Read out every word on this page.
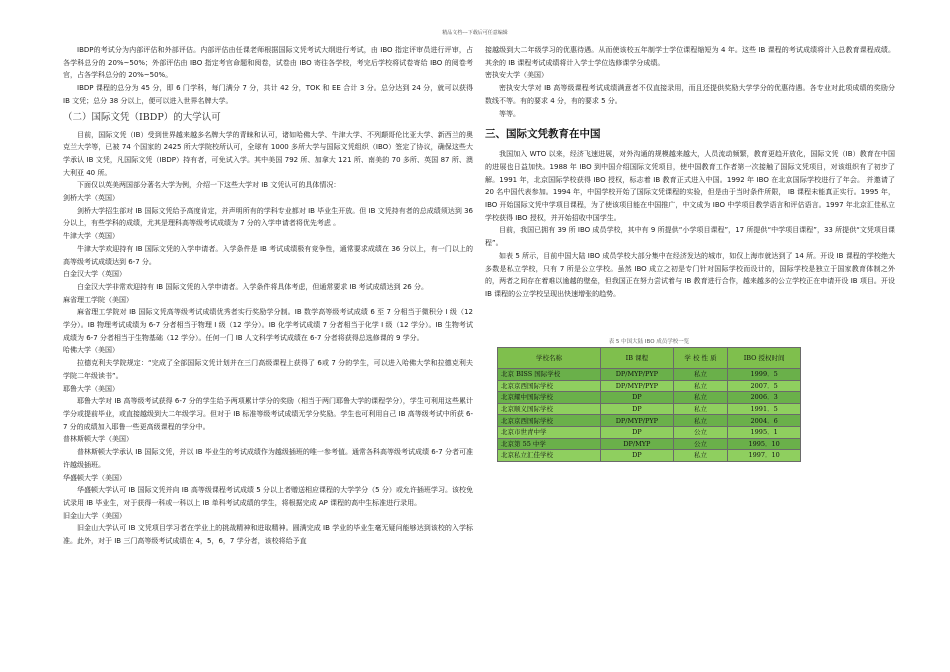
精品文档---下载后可任意编辑

IBDP的考试分为内部评估和外部评估。内部评估由任课老师根据国际文凭考试大纲进行考试，由 IBO 指定评审员进行评审，占各学科总分的 20%~50%；外部评估由 IBO 指定考官命题和阅卷，试卷由 IBO 寄往各学校，考完后学校将试卷寄给 IBO 的阅卷考官，占各学科总分的 20%~50%。

IBDP 课程的总分为 45 分，即 6 门学科，每门满分 7 分，共计 42 分，TOK 和 EE 合计 3 分。总分达到 24 分，就可以获得 IB 文凭；总分 38 分以上，便可以进入世界名牌大学。

（二）国际文凭（IBDP）的大学认可

目前，国际文凭（IB）受到世界越来越多名牌大学的青睐和认可，诸如哈佛大学、牛津大学、不列颠哥伦比亚大学、新西兰的奥克兰大学等，已被 74 个国家的 2425 所大学院校所认可，全球有 1000 多所大学与国际文凭组织（IBO）签定了协议，确保这些大学承认 IB 文凭，凡国际文凭（IBDP）持有者，可免试入学。其中美国 792 所、加拿大 121 所、南美的 70 多所、英国 87 所、澳大利亚 40 所。

下面仅以英美两国部分著名大学为例，介绍一下这些大学对 IB 文凭认可的具体情况：

剑桥大学（英国）

剑桥大学招生部对 IB 国际文凭给予高度肯定，并声明所有的学科专业都对 IB 毕业生开放。但 IB 文凭持有者的总成绩须达到 36 分以上，有些学科的成绩，尤其是理科高等级考试成绩为 7 分的入学申请者将优先考虑 。

牛津大学（英国）

牛津大学欢迎持有 IB 国际文凭的入学申请者。入学条件是 IB 考试成绩极有竞争性，通常要求成绩在 36 分以上，有一门以上的高等级考试成绩达到 6-7 分。

白金汉大学（英国）

白金汉大学非常欢迎持有 IB 国际文凭的入学申请者。入学条件将具体考虑，但通常要求 IB 考试成绩达到 26 分。

麻省理工学院（美国）

麻省理工学院对 IB 国际文凭高等级考试成绩优秀者实行奖励学分制。IB 数学高等级考试成绩 6 至 7 分相当于微积分 I 级（12 学分）。IB 物理考试成绩为 6-7 分者相当于物理 I 级（12 学分）。IB 化学考试成绩 7 分者相当于化学 I 级（12 学分）。IB 生物考试成绩为 6-7 分者相当于生物基础（12 学分）。任何一门 IB 人文科学考试成绩在 6-7 分者将获得总选修课的 9 学分。

哈佛大学（美国）

拉德克利夫学院规定：“完成了全部国际文凭计划并在三门高级课程上获得了 6或 7 分的学生，可以进入哈佛大学和拉德克利夫学院二年级读书”。

耶鲁大学（美国）

耶鲁大学对 IB 高等级考试获得 6-7 分的学生给予两项累计学分的奖励（相当于两门耶鲁大学的课程学分），学生可利用这些累计学分或提前毕业，或直接越级到大二年级学习。但对于 IB 标准等级考试成绩无学分奖励。学生也可利用自己 IB 高等级考试中所获 6-7 分的成绩加入耶鲁一些更高级课程的学分中。

普林斯顿大学（美国）

普林斯顿大学承认 IB 国际文凭，并以 IB 毕业生的考试成绩作为越级插班的唯一参考值。通常各科高等级考试成绩 6-7 分者可准许越级插班。

华盛顿大学（美国）

华盛顿大学认可 IB 国际文凭并向 IB 高等级课程考试成绩 5 分以上者赠送相应课程的大学学分（5 分）或允许插班学习。该校免试录用 IB 毕业生，对于获得一科或一科以上 IB 单科考试成绩的学生，将根据完成 AP 课程的高中生标准进行录用。

旧金山大学（美国）

旧金山大学认可 IB 文凭项目学习者在学业上的挑战精神和进取精神。圆满完成 IB 学业的毕业生毫无疑问能够达到该校的入学标准。此外，对于 IB 三门高等级考试成绩在 4，5，6，7 学分者，该校将给予直

接越级到大二年级学习的优惠待遇。从而使该校五年制学士学位课程缩短为 4 年。这些 IB 课程的考试成绩将计入总教育课程成绩。其余的 IB 课程考试成绩将计入学士学位选修课学分成绩。

密执安大学（美国）

密执安大学对 IB 高等级课程考试成绩满意者不仅直接录用，而且还提供奖励大学学分的优惠待遇。各专业对此项成绩的奖励分数线不等。有的要求 4 分，有的要求 5 分。

等等。

三、国际文凭教育在中国

我国加入 WTO 以来，经济飞速进展，对外沟通的规模越来越大，人员流动频繁，教育更趋开放化，国际文凭（IB）教育在中国的进展也日益加快。1988 年 IBO 到中国介绍国际文凭项目，使中国教育工作者第一次接触了国际文凭项目，对该组织有了初步了解。1991 年，北京国际学校获得 IBO 授权，标志着 IB 教育正式进入中国。1992 年 IBO 在北京国际学校进行了年会。 并邀请了 20 名中国代表参加。1994 年，中国学校开始了国际文凭课程的实验，但是由于当时条件所限， IB 课程未能真正实行。1995 年，IBO 开始国际文凭中学项目课程，为了使该项目能在中国推广，中文成为 IBO 中学项目教学语言和评估语言。1997 年北京汇佳私立学校获得 IBO 授权，并开始招收中国学生。

目前，我国已拥有 39 所 IBO 成员学校，其中有 9 所提供“小学项目课程”，17 所提供“中学项目课程”，33 所提供“文凭项目课程”。

如表 5 所示，目前中国大陆 IBO 成员学校大部分集中在经济发达的城市，如仅上海市就达到了 14 所。开设 IB 课程的学校绝大多数是私立学校，只有 7 所是公立学校。虽然 IBO 成立之初是专门针对国际学校而设计的，国际学校是独立于国家教育体制之外的，两者之间存在着难以逾越的壁垒，但我国正在努力尝试着与 IB 教育进行合作，越来越多的公立学校正在申请开设 IB 项目。开设 IB 课程的公立学校呈现出快速增张的趋势。

表 5 中国大陆 IBO 成员学校一览
学校名称	IB 课程	学 校 性 质	IBO 授权时间
北京 BISS 国际学校	DP/MYP/PYP	私立	1999．5
北京京西国际学校	DP/MYP/PYP	私立	2007．5
北京耀中国际学校	DP	私立	2006．3
北京顺义国际学校	DP	私立	1991．5
北京京西国际学校	DP/MYP/PYP	私立	2004．6
北京市世青中学	DP	公立	1995．1
北京第 55 中学	DP/MYP	公立	1995．10
北京私立汇佳学校	DP	私立	1997．10
